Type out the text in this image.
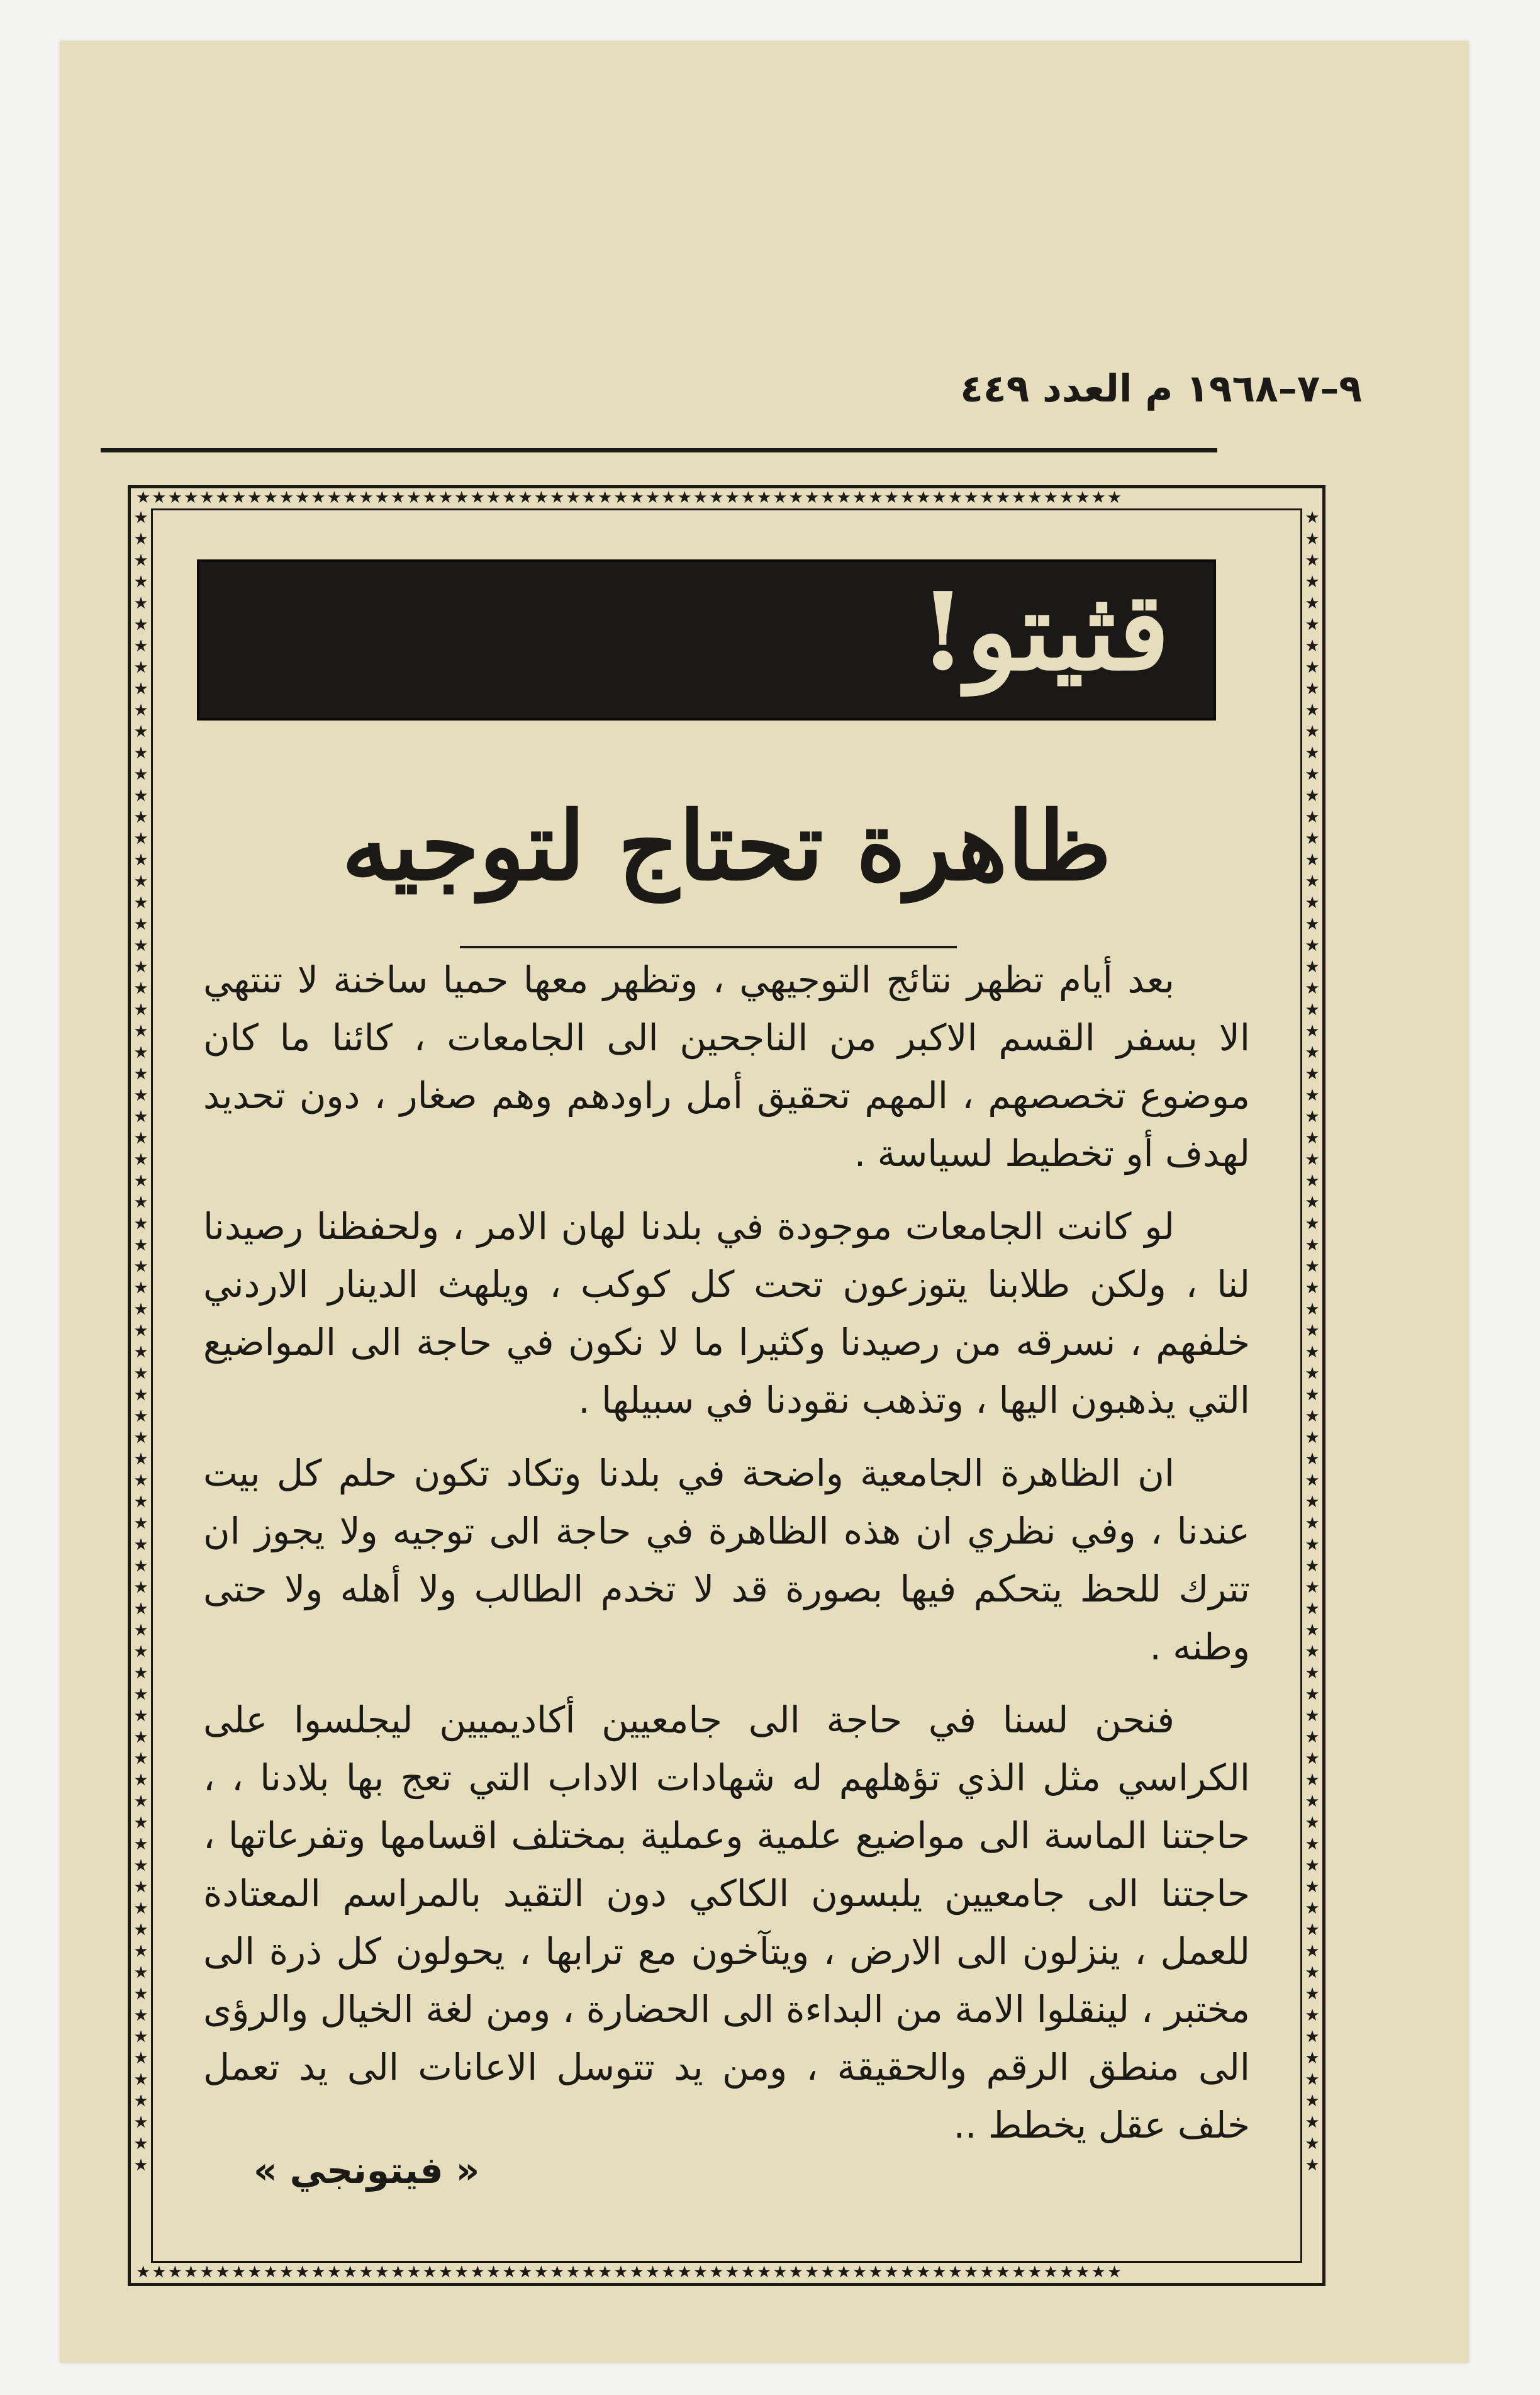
٩–٧–١٩٦٨ م العدد ٤٤٩
★★★★★★★★★★★★★★★★★★★★★★★★★★★★★★★★★★★★★★★★★★★★★★★★★★★★★★★★★★★★★★
★★★★★★★★★★★★★★★★★★★★★★★★★★★★★★★★★★★★★★★★★★★★★★★★★★★★★★★★★★★★★★
★★★★★★★★★★★★★★★★★★★★★★★★★★★★★★★★★★★★★★★★★★★★★★★★★★★★★★★★★★★★★★★★★★★★★★★★★★★★★★
★★★★★★★★★★★★★★★★★★★★★★★★★★★★★★★★★★★★★★★★★★★★★★★★★★★★★★★★★★★★★★★★★★★★★★★★★★★★★★
قثيتو!
ظاهرة تحتاج لتوجيه

بعد أيام تظهر نتائج التوجيهي ، وتظهر معها حميا ساخنة لا تنتهي الا بسفر القسم الاكبر من الناجحين الى الجامعات ، كائنا ما كان موضوع تخصصهم ، المهم تحقيق أمل راودهم وهم صغار ، دون تحديد لهدف أو تخطيط لسياسة .

لو كانت الجامعات موجودة في بلدنا لهان الامر ، ولحفظنا رصيدنا لنا ، ولكن طلابنا يتوزعون تحت كل كوكب ، ويلهث الدينار الاردني خلفهم ، نسرقه من رصيدنا وكثيرا ما لا نكون في حاجة الى المواضيع التي يذهبون اليها ، وتذهب نقودنا في سبيلها .

ان الظاهرة الجامعية واضحة في بلدنا وتكاد تكون حلم كل بيت عندنا ، وفي نظري ان هذه الظاهرة في حاجة الى توجيه ولا يجوز ان تترك للحظ يتحكم فيها بصورة قد لا تخدم الطالب ولا أهله ولا حتى وطنه .

فنحن لسنا في حاجة الى جامعيين أكاديميين ليجلسوا على الكراسي مثل الذي تؤهلهم له شهادات الاداب التي تعج بها بلادنا ، ، حاجتنا الماسة الى مواضيع علمية وعملية بمختلف اقسامها وتفرعاتها ، حاجتنا الى جامعيين يلبسون الكاكي دون التقيد بالمراسم المعتادة للعمل ، ينزلون الى الارض ، ويتآخون مع ترابها ، يحولون كل ذرة الى مختبر ، لينقلوا الامة من البداءة الى الحضارة ، ومن لغة الخيال والرؤى الى منطق الرقم والحقيقة ، ومن يد تتوسل الاعانات الى يد تعمل خلف عقل يخطط ..

« فيتونجي »
